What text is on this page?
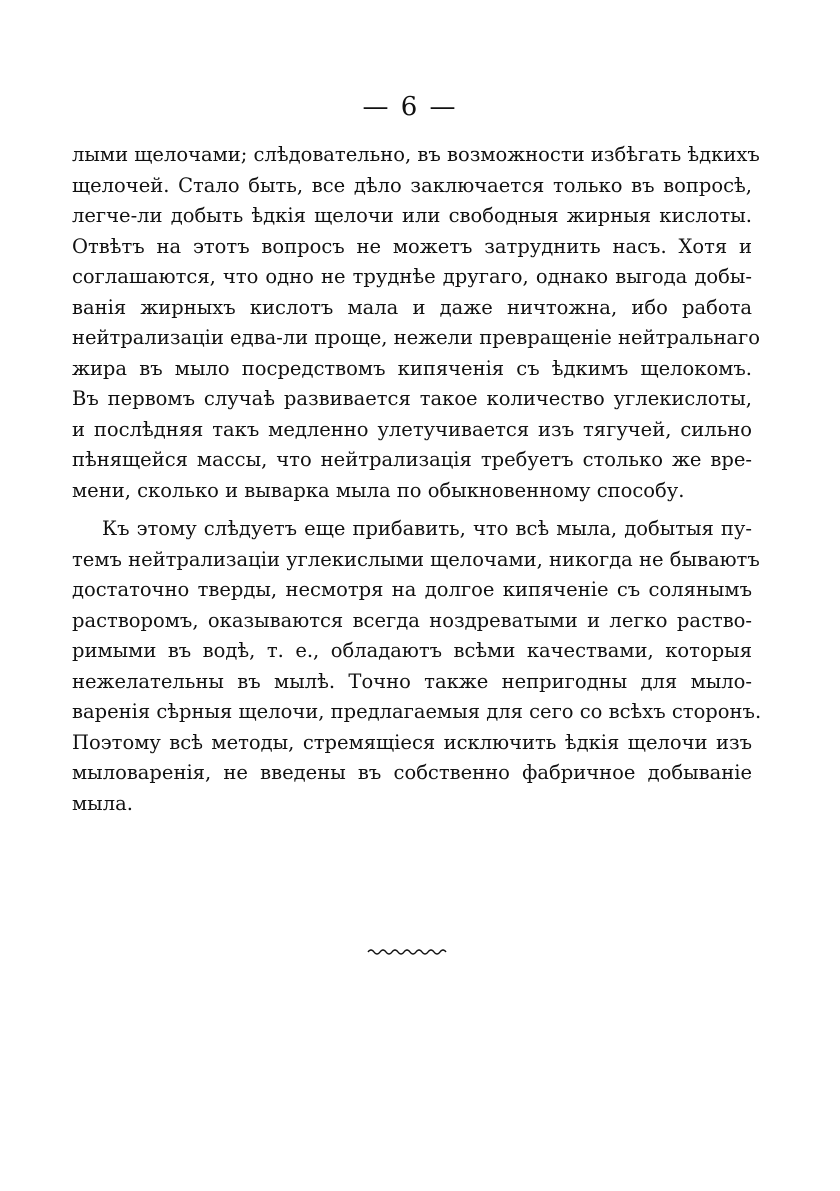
— 6 —
лыми щелочами; слѣдовательно, въ возможности избѣгать ѣдкихъ
щелочей. Стало быть, все дѣло заключается только въ вопросѣ,
легче-ли добыть ѣдкія щелочи или свободныя жирныя кислоты.
Отвѣтъ на этотъ вопросъ не можетъ затруднить насъ. Хотя и
соглашаются, что одно не труднѣе другаго, однако выгода добы-
ванія жирныхъ кислотъ мала и даже ничтожна, ибо работа
нейтрализаціи едва-ли проще, нежели превращеніе нейтральнаго
жира въ мыло посредствомъ кипяченія съ ѣдкимъ щелокомъ.
Въ первомъ случаѣ развивается такое количество углекислоты,
и послѣдняя такъ медленно улетучивается изъ тягучей, сильно
пѣнящейся массы, что нейтрализація требуетъ столько же вре-
мени, сколько и выварка мыла по обыкновенному способу.
Къ этому слѣдуетъ еще прибавить, что всѣ мыла, добытыя пу-
темъ нейтрализаціи углекислыми щелочами, никогда не бываютъ
достаточно тверды, несмотря на долгое кипяченіе съ солянымъ
растворомъ, оказываются всегда ноздреватыми и легко раство-
римыми въ водѣ, т. е., обладаютъ всѣми качествами, которыя
нежелательны въ мылѣ. Точно также непригодны для мыло-
варенія сѣрныя щелочи, предлагаемыя для сего со всѣхъ сторонъ.
Поэтому всѣ методы, стремящіеся исключить ѣдкія щелочи изъ
мыловаренія, не введены въ собственно фабричное добываніе
мыла.
